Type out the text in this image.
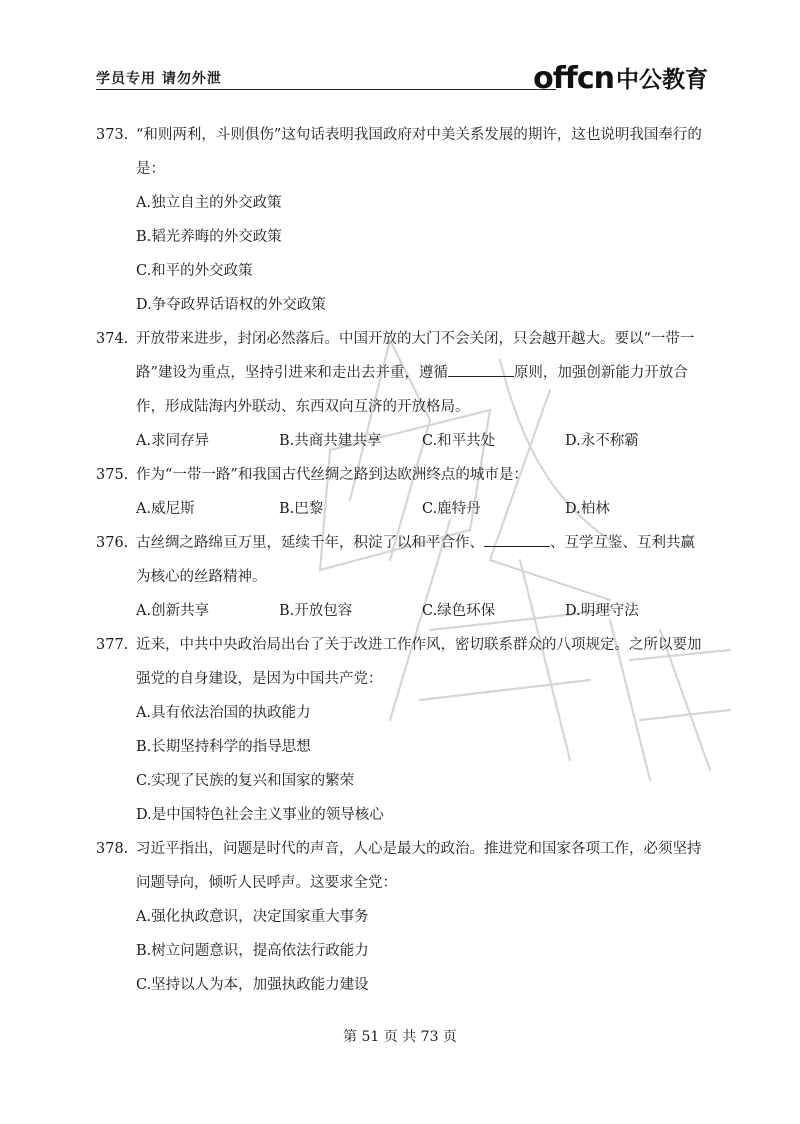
学员专用 请勿外泄	offcn 中公教育
373. “和则两利，斗则俱伤”这句话表明我国政府对中美关系发展的期许，这也说明我国奉行的是：
A.独立自主的外交政策
B.韬光养晦的外交政策
C.和平的外交政策
D.争夺政界话语权的外交政策
374. 开放带来进步，封闭必然落后。中国开放的大门不会关闭，只会越开越大。要以“一带一路”建设为重点，坚持引进来和走出去并重，遵循	原则，加强创新能力开放合作，形成陆海内外联动、东西双向互济的开放格局。
A.求同存异	B.共商共建共享	C.和平共处	D.永不称霸
375. 作为“一带一路”和我国古代丝绸之路到达欧洲终点的城市是：
A.威尼斯	B.巴黎	C.鹿特丹	D.柏林
376. 古丝绸之路绵亘万里，延续千年，积淀了以和平合作、	、互学互鉴、互利共赢为核心的丝路精神。
A.创新共享	B.开放包容	C.绿色环保	D.明理守法
377. 近来，中共中央政治局出台了关于改进工作作风，密切联系群众的八项规定。之所以要加强党的自身建设，是因为中国共产党：
A.具有依法治国的执政能力
B.长期坚持科学的指导思想
C.实现了民族的复兴和国家的繁荣
D.是中国特色社会主义事业的领导核心
378. 习近平指出，问题是时代的声音，人心是最大的政治。推进党和国家各项工作，必须坚持问题导向，倾听人民呼声。这要求全党：
A.强化执政意识，决定国家重大事务
B.树立问题意识，提高依法行政能力
C.坚持以人为本，加强执政能力建设
第 51 页 共 73 页
